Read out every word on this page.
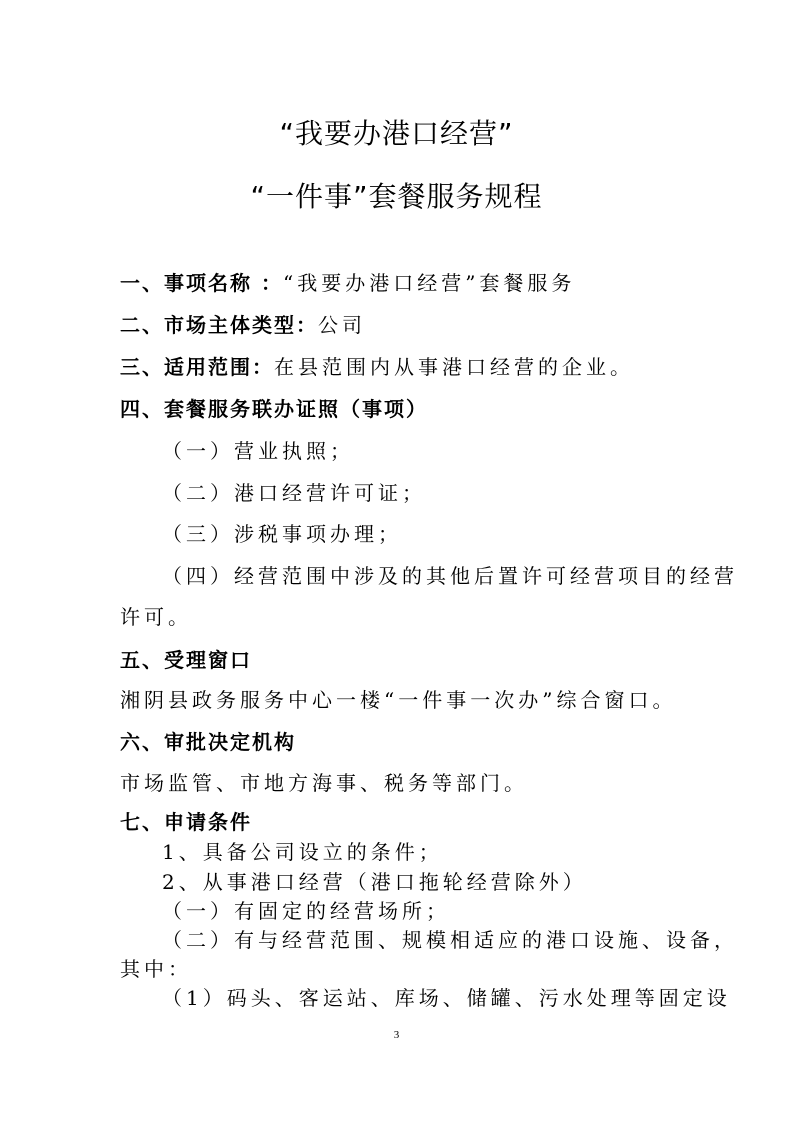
“我要办港口经营”
“一件事”套餐服务规程
一、事项名称 ：“我要办港口经营”套餐服务
二、市场主体类型：公司
三、适用范围：在县范围内从事港口经营的企业。
四、套餐服务联办证照（事项）
（一）营业执照；
（二）港口经营许可证；
（三）涉税事项办理；
（四）经营范围中涉及的其他后置许可经营项目的经营
许可。
五、受理窗口
湘阴县政务服务中心一楼“一件事一次办”综合窗口。
六、审批决定机构
市场监管、市地方海事、税务等部门。
七、申请条件
1、具备公司设立的条件；
2、从事港口经营（港口拖轮经营除外）
（一）有固定的经营场所；
（二）有与经营范围、规模相适应的港口设施、设备，
其中：
（1）码头、客运站、库场、储罐、污水处理等固定设
3
